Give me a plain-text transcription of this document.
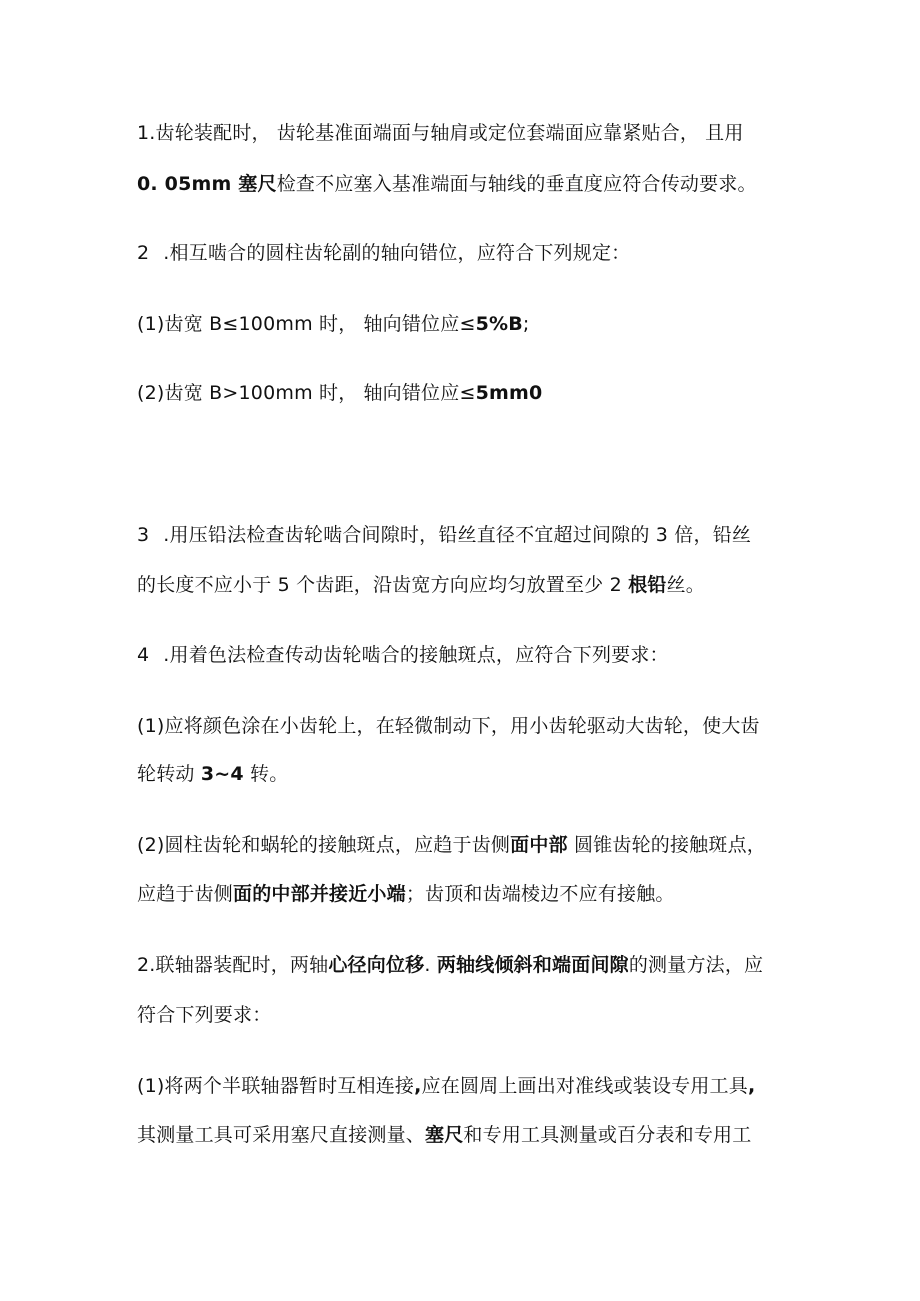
1.齿轮装配时， 齿轮基准面端面与轴肩或定位套端面应靠紧贴合， 且用
0. 05mm 塞尺检查不应塞入基准端面与轴线的垂直度应符合传动要求。
2 .相互啮合的圆柱齿轮副的轴向错位，应符合下列规定：
(1)齿宽 B≤100mm 时， 轴向错位应≤5%B;
(2)齿宽 B>100mm 时， 轴向错位应≤5mm0
3 .用压铅法检查齿轮啮合间隙时，铅丝直径不宜超过间隙的 3 倍，铅丝
的长度不应小于 5 个齿距，沿齿宽方向应均匀放置至少 2 根铅丝。
4 .用着色法检查传动齿轮啮合的接触斑点，应符合下列要求：
(1)应将颜色涂在小齿轮上，在轻微制动下，用小齿轮驱动大齿轮，使大齿
轮转动 3~4 转。
(2)圆柱齿轮和蜗轮的接触斑点，应趋于齿侧面中部 圆锥齿轮的接触斑点，
应趋于齿侧面的中部并接近小端；齿顶和齿端棱边不应有接触。
2.联轴器装配时，两轴心径向位移. 两轴线倾斜和端面间隙的测量方法，应
符合下列要求：
(1)将两个半联轴器暂时互相连接,应在圆周上画出对准线或装设专用工具,
其测量工具可采用塞尺直接测量、塞尺和专用工具测量或百分表和专用工
